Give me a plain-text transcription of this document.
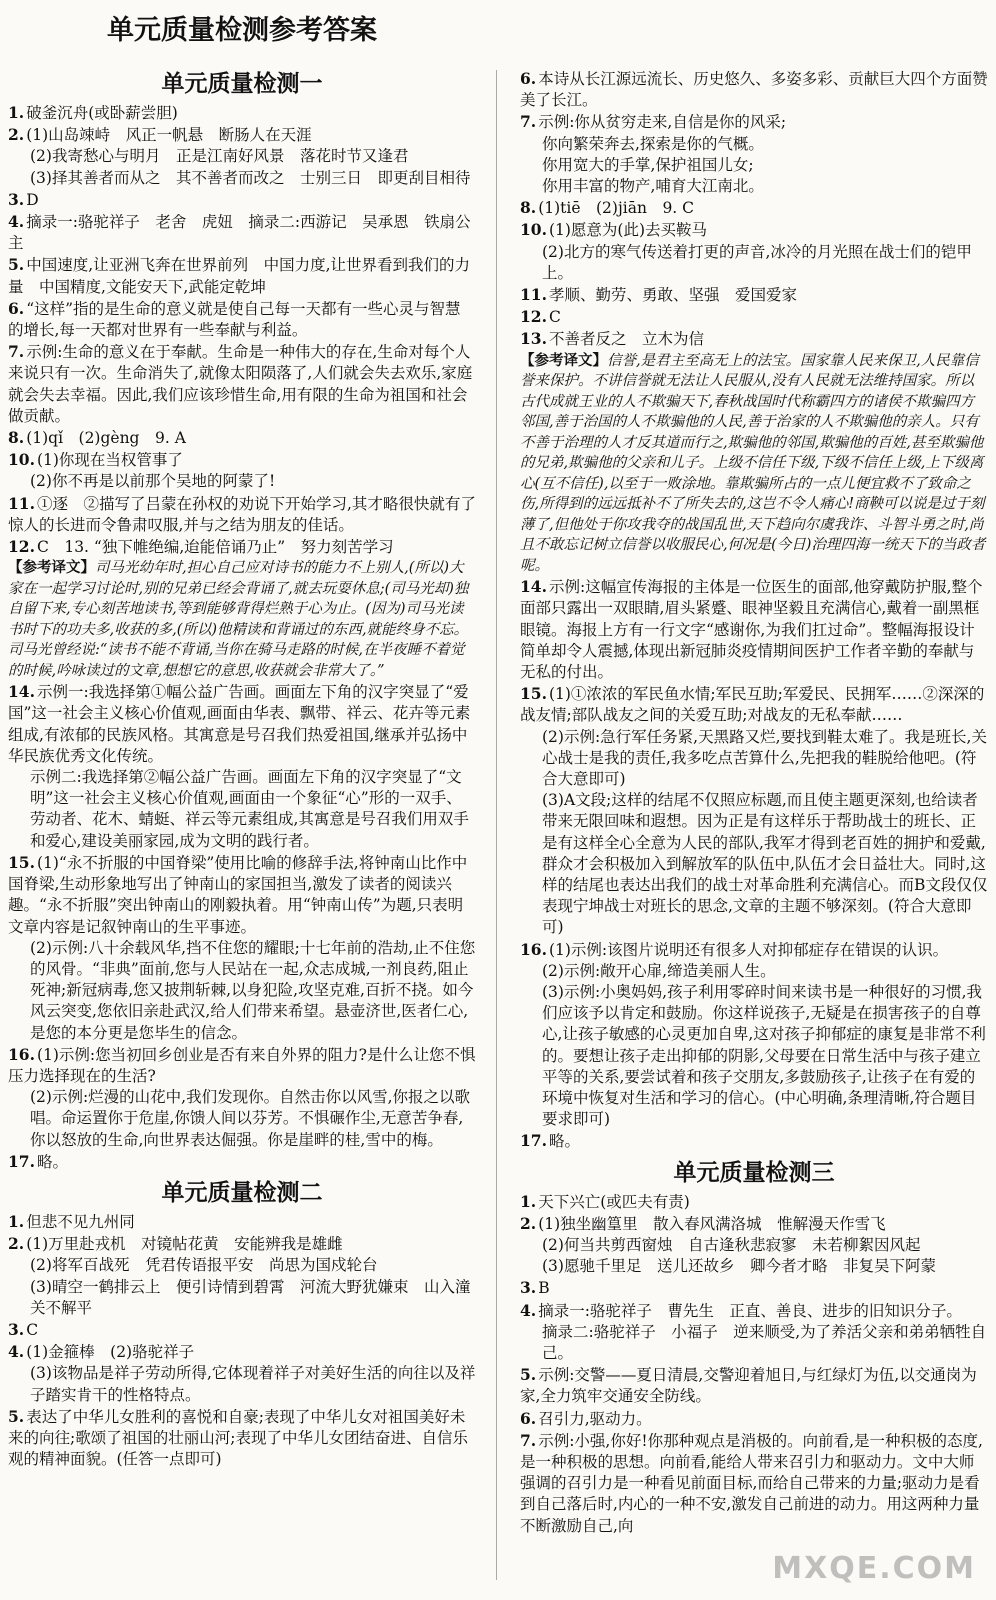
单元质量检测参考答案
单元质量检测一

1. 破釜沉舟(或卧薪尝胆)

2. (1)山岛竦峙　风正一帆悬　断肠人在天涯

(2)我寄愁心与明月　正是江南好风景　落花时节又逢君

(3)择其善者而从之　其不善者而改之　士别三日　即更刮目相待

3. D

4. 摘录一:骆驼祥子　老舍　虎妞　摘录二:西游记　吴承恩　铁扇公主

5. 中国速度,让亚洲飞奔在世界前列　中国力度,让世界看到我们的力量　中国精度,文能安天下,武能定乾坤

6. “这样”指的是生命的意义就是使自己每一天都有一些心灵与智慧的增长,每一天都对世界有一些奉献与利益。

7. 示例:生命的意义在于奉献。生命是一种伟大的存在,生命对每个人来说只有一次。生命消失了,就像太阳陨落了,人们就会失去欢乐,家庭就会失去幸福。因此,我们应该珍惜生命,用有限的生命为祖国和社会做贡献。

8. (1)qǐ　(2)gèng　9. A

10. (1)你现在当权管事了

(2)你不再是以前那个吴地的阿蒙了!

11. ①逐　②描写了吕蒙在孙权的劝说下开始学习,其才略很快就有了惊人的长进而令鲁肃叹服,并与之结为朋友的佳话。

12. C　13. “独下帷绝编,迨能倍诵乃止”　努力刻苦学习

【参考译文】司马光幼年时,担心自己应对诗书的能力不上别人,(所以)大家在一起学习讨论时,别的兄弟已经会背诵了,就去玩耍休息;(司马光却)独自留下来,专心刻苦地读书,等到能够背得烂熟于心为止。(因为)司马光读书时下的功夫多,收获的多,(所以)他精读和背诵过的东西,就能终身不忘。司马光曾经说:“读书不能不背诵,当你在骑马走路的时候,在半夜睡不着觉的时候,吟咏读过的文章,想想它的意思,收获就会非常大了。”

14. 示例一:我选择第①幅公益广告画。画面左下角的汉字突显了“爱国”这一社会主义核心价值观,画面由华表、飘带、祥云、花卉等元素组成,有浓郁的民族风格。其寓意是号召我们热爱祖国,继承并弘扬中华民族优秀文化传统。

示例二:我选择第②幅公益广告画。画面左下角的汉字突显了“文明”这一社会主义核心价值观,画面由一个象征“心”形的一双手、劳动者、花木、蜻蜓、祥云等元素组成,其寓意是号召我们用双手和爱心,建设美丽家园,成为文明的践行者。

15. (1)“永不折服的中国脊梁”使用比喻的修辞手法,将钟南山比作中国脊梁,生动形象地写出了钟南山的家国担当,激发了读者的阅读兴趣。“永不折服”突出钟南山的刚毅执着。用“钟南山传”为题,只表明文章内容是记叙钟南山的生平事迹。

(2)示例:八十余载风华,挡不住您的耀眼;十七年前的浩劫,止不住您的风骨。“非典”面前,您与人民站在一起,众志成城,一剂良药,阻止死神;新冠病毒,您又披荆斩棘,以身犯险,攻坚克难,百折不挠。如今风云突变,您依旧亲赴武汉,给人们带来希望。悬壶济世,医者仁心,是您的本分更是您毕生的信念。

16. (1)示例:您当初回乡创业是否有来自外界的阻力?是什么让您不惧压力选择现在的生活?

(2)示例:烂漫的山花中,我们发现你。自然击你以风雪,你报之以歌唱。命运置你于危崖,你馈人间以芬芳。不惧碾作尘,无意苦争春,你以怒放的生命,向世界表达倔强。你是崖畔的桂,雪中的梅。

17. 略。

单元质量检测二

1. 但悲不见九州同

2. (1)万里赴戎机　对镜帖花黄　安能辨我是雄雌

(2)将军百战死　凭君传语报平安　尚思为国戍轮台

(3)晴空一鹤排云上　便引诗情到碧霄　河流大野犹嫌束　山入潼关不解平

3. C

4. (1)金箍棒　(2)骆驼祥子

(3)该物品是祥子劳动所得,它体现着祥子对美好生活的向往以及祥子踏实肯干的性格特点。

5. 表达了中华儿女胜利的喜悦和自豪;表现了中华儿女对祖国美好未来的向往;歌颂了祖国的壮丽山河;表现了中华儿女团结奋进、自信乐观的精神面貌。(任答一点即可)

6. 本诗从长江源远流长、历史悠久、多姿多彩、贡献巨大四个方面赞美了长江。

7. 示例:你从贫穷走来,自信是你的风采;

你向繁荣奔去,探索是你的气概。

你用宽大的手掌,保护祖国儿女;

你用丰富的物产,哺育大江南北。

8. (1)tiē　(2)jiān　9. C

10. (1)愿意为(此)去买鞍马

(2)北方的寒气传送着打更的声音,冰冷的月光照在战士们的铠甲上。

11. 孝顺、勤劳、勇敢、坚强　爱国爱家

12. C

13. 不善者反之　立木为信

【参考译文】信誉,是君主至高无上的法宝。国家靠人民来保卫,人民靠信誉来保护。不讲信誉就无法让人民服从,没有人民就无法维持国家。所以古代成就王业的人不欺骗天下,春秋战国时代称霸四方的诸侯不欺骗四方邻国,善于治国的人不欺骗他的人民,善于治家的人不欺骗他的亲人。只有不善于治理的人才反其道而行之,欺骗他的邻国,欺骗他的百姓,甚至欺骗他的兄弟,欺骗他的父亲和儿子。上级不信任下级,下级不信任上级,上下级离心(互不信任),以至于一败涂地。靠欺骗所占的一点儿便宜救不了致命之伤,所得到的远远抵补不了所失去的,这岂不令人痛心!商鞅可以说是过于刻薄了,但他处于你攻我夺的战国乱世,天下趋向尔虞我诈、斗智斗勇之时,尚且不敢忘记树立信誉以收服民心,何况是(今日)治理四海一统天下的当政者呢。

14. 示例:这幅宣传海报的主体是一位医生的面部,他穿戴防护服,整个面部只露出一双眼睛,眉头紧蹙、眼神坚毅且充满信心,戴着一副黑框眼镜。海报上方有一行文字“感谢你,为我们扛过命”。整幅海报设计简单却令人震撼,体现出新冠肺炎疫情期间医护工作者辛勤的奉献与无私的付出。

15. (1)①浓浓的军民鱼水情;军民互助;军爱民、民拥军……②深深的战友情;部队战友之间的关爱互助;对战友的无私奉献……

(2)示例:急行军任务紧,天黑路又烂,要找到鞋太难了。我是班长,关心战士是我的责任,我多吃点苦算什么,先把我的鞋脱给他吧。(符合大意即可)

(3)A文段;这样的结尾不仅照应标题,而且使主题更深刻,也给读者带来无限回味和遐想。因为正是有这样乐于帮助战士的班长、正是有这样全心全意为人民的部队,我军才得到老百姓的拥护和爱戴,群众才会积极加入到解放军的队伍中,队伍才会日益壮大。同时,这样的结尾也表达出我们的战士对革命胜利充满信心。而B文段仅仅表现宁坤战士对班长的思念,文章的主题不够深刻。(符合大意即可)

16. (1)示例:该图片说明还有很多人对抑郁症存在错误的认识。

(2)示例:敞开心扉,缔造美丽人生。

(3)示例:小奥妈妈,孩子利用零碎时间来读书是一种很好的习惯,我们应该予以肯定和鼓励。你这样说孩子,无疑是在损害孩子的自尊心,让孩子敏感的心灵更加自卑,这对孩子抑郁症的康复是非常不利的。要想让孩子走出抑郁的阴影,父母要在日常生活中与孩子建立平等的关系,要尝试着和孩子交朋友,多鼓励孩子,让孩子在有爱的环境中恢复对生活和学习的信心。(中心明确,条理清晰,符合题目要求即可)

17. 略。

单元质量检测三

1. 天下兴亡(或匹夫有责)

2. (1)独坐幽篁里　散入春风满洛城　惟解漫天作雪飞

(2)何当共剪西窗烛　自古逢秋悲寂寥　未若柳絮因风起

(3)愿驰千里足　送儿还故乡　卿今者才略　非复吴下阿蒙

3. B

4. 摘录一:骆驼祥子　曹先生　正直、善良、进步的旧知识分子。

摘录二:骆驼祥子　小福子　逆来顺受,为了养活父亲和弟弟牺牲自己。

5. 示例:交警——夏日清晨,交警迎着旭日,与红绿灯为伍,以交通岗为家,全力筑牢交通安全防线。

6. 召引力,驱动力。

7. 示例:小强,你好!你那种观点是消极的。向前看,是一种积极的态度,是一种积极的思想。向前看,能给人带来召引力和驱动力。文中大师强调的召引力是一种看见前面目标,而给自己带来的力量;驱动力是看到自己落后时,内心的一种不安,激发自己前进的动力。用这两种力量不断激励自己,向

MXQE.COM
